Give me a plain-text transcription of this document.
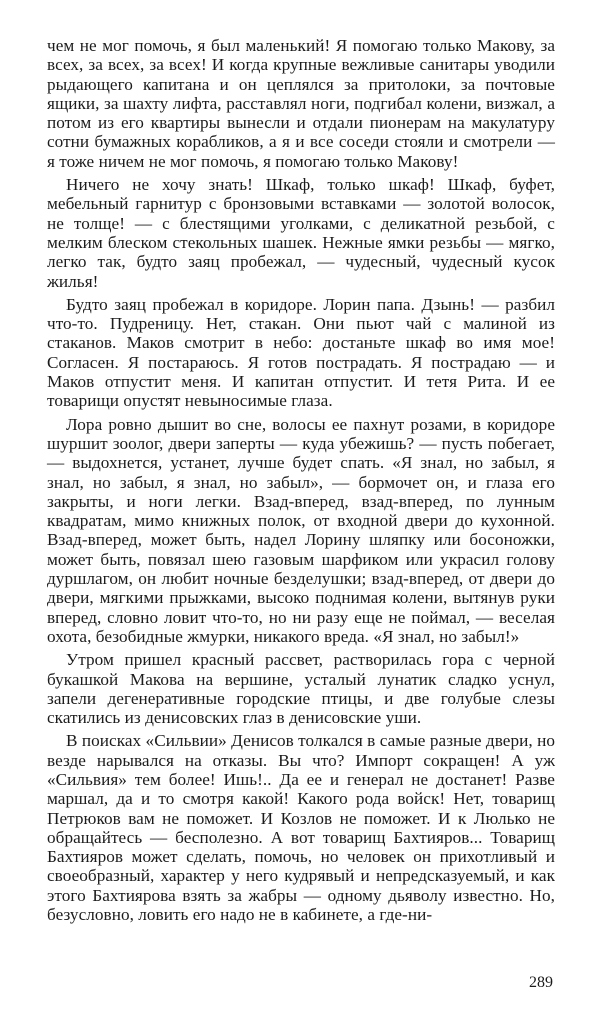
чем не мог помочь, я был маленький! Я помогаю только Макову, за всех, за всех, за всех! И когда крупные вежливые санитары уводили рыдающего капитана и он цеплялся за притолоки, за почтовые ящики, за шахту лифта, расставлял ноги, подгибал колени, визжал, а потом из его квартиры вынесли и отдали пионерам на макулатуру сотни бумажных корабликов, а я и все соседи стояли и смотрели — я тоже ничем не мог помочь, я помогаю только Макову!

Ничего не хочу знать! Шкаф, только шкаф! Шкаф, буфет, мебельный гарнитур с бронзовыми вставками — золотой волосок, не толще! — с блестящими уголками, с деликатной резьбой, с мелким блеском стекольных шашек. Нежные ямки резьбы — мягко, легко так, будто заяц пробежал, — чудесный, чудесный кусок жилья!

Будто заяц пробежал в коридоре. Лорин папа. Дзынь! — разбил что-то. Пудреницу. Нет, стакан. Они пьют чай с малиной из стаканов. Маков смотрит в небо: достаньте шкаф во имя мое! Согласен. Я постараюсь. Я готов пострадать. Я пострадаю — и Маков отпустит меня. И капитан отпустит. И тетя Рита. И ее товарищи опустят невыносимые глаза.

Лора ровно дышит во сне, волосы ее пахнут розами, в коридоре шуршит зоолог, двери заперты — куда убежишь? — пусть побегает, — выдохнется, устанет, лучше будет спать. «Я знал, но забыл, я знал, но забыл, я знал, но забыл», — бормочет он, и глаза его закрыты, и ноги легки. Взад-вперед, взад-вперед, по лунным квадратам, мимо книжных полок, от входной двери до кухонной. Взад-вперед, может быть, надел Лорину шляпку или босоножки, может быть, повязал шею газовым шарфиком или украсил голову дуршлагом, он любит ночные безделушки; взад-вперед, от двери до двери, мягкими прыжками, высоко поднимая колени, вытянув руки вперед, словно ловит что-то, но ни разу еще не поймал, — веселая охота, безобидные жмурки, никакого вреда. «Я знал, но забыл!»

Утром пришел красный рассвет, растворилась гора с черной букашкой Макова на вершине, усталый лунатик сладко уснул, запели дегенеративные городские птицы, и две голубые слезы скатились из денисовских глаз в денисовские уши.

В поисках «Сильвии» Денисов толкался в самые разные двери, но везде нарывался на отказы. Вы что? Импорт сокращен! А уж «Сильвия» тем более! Ишь!.. Да ее и генерал не достанет! Разве маршал, да и то смотря какой! Какого рода войск! Нет, товарищ Петрюков вам не поможет. И Козлов не поможет. И к Люлько не обращайтесь — бесполезно. А вот товарищ Бахтияров... Товарищ Бахтияров может сделать, помочь, но человек он прихотливый и своеобразный, характер у него кудрявый и непредсказуемый, и как этого Бахтиярова взять за жабры — одному дьяволу известно. Но, безусловно, ловить его надо не в кабинете, а где-ни-

289
